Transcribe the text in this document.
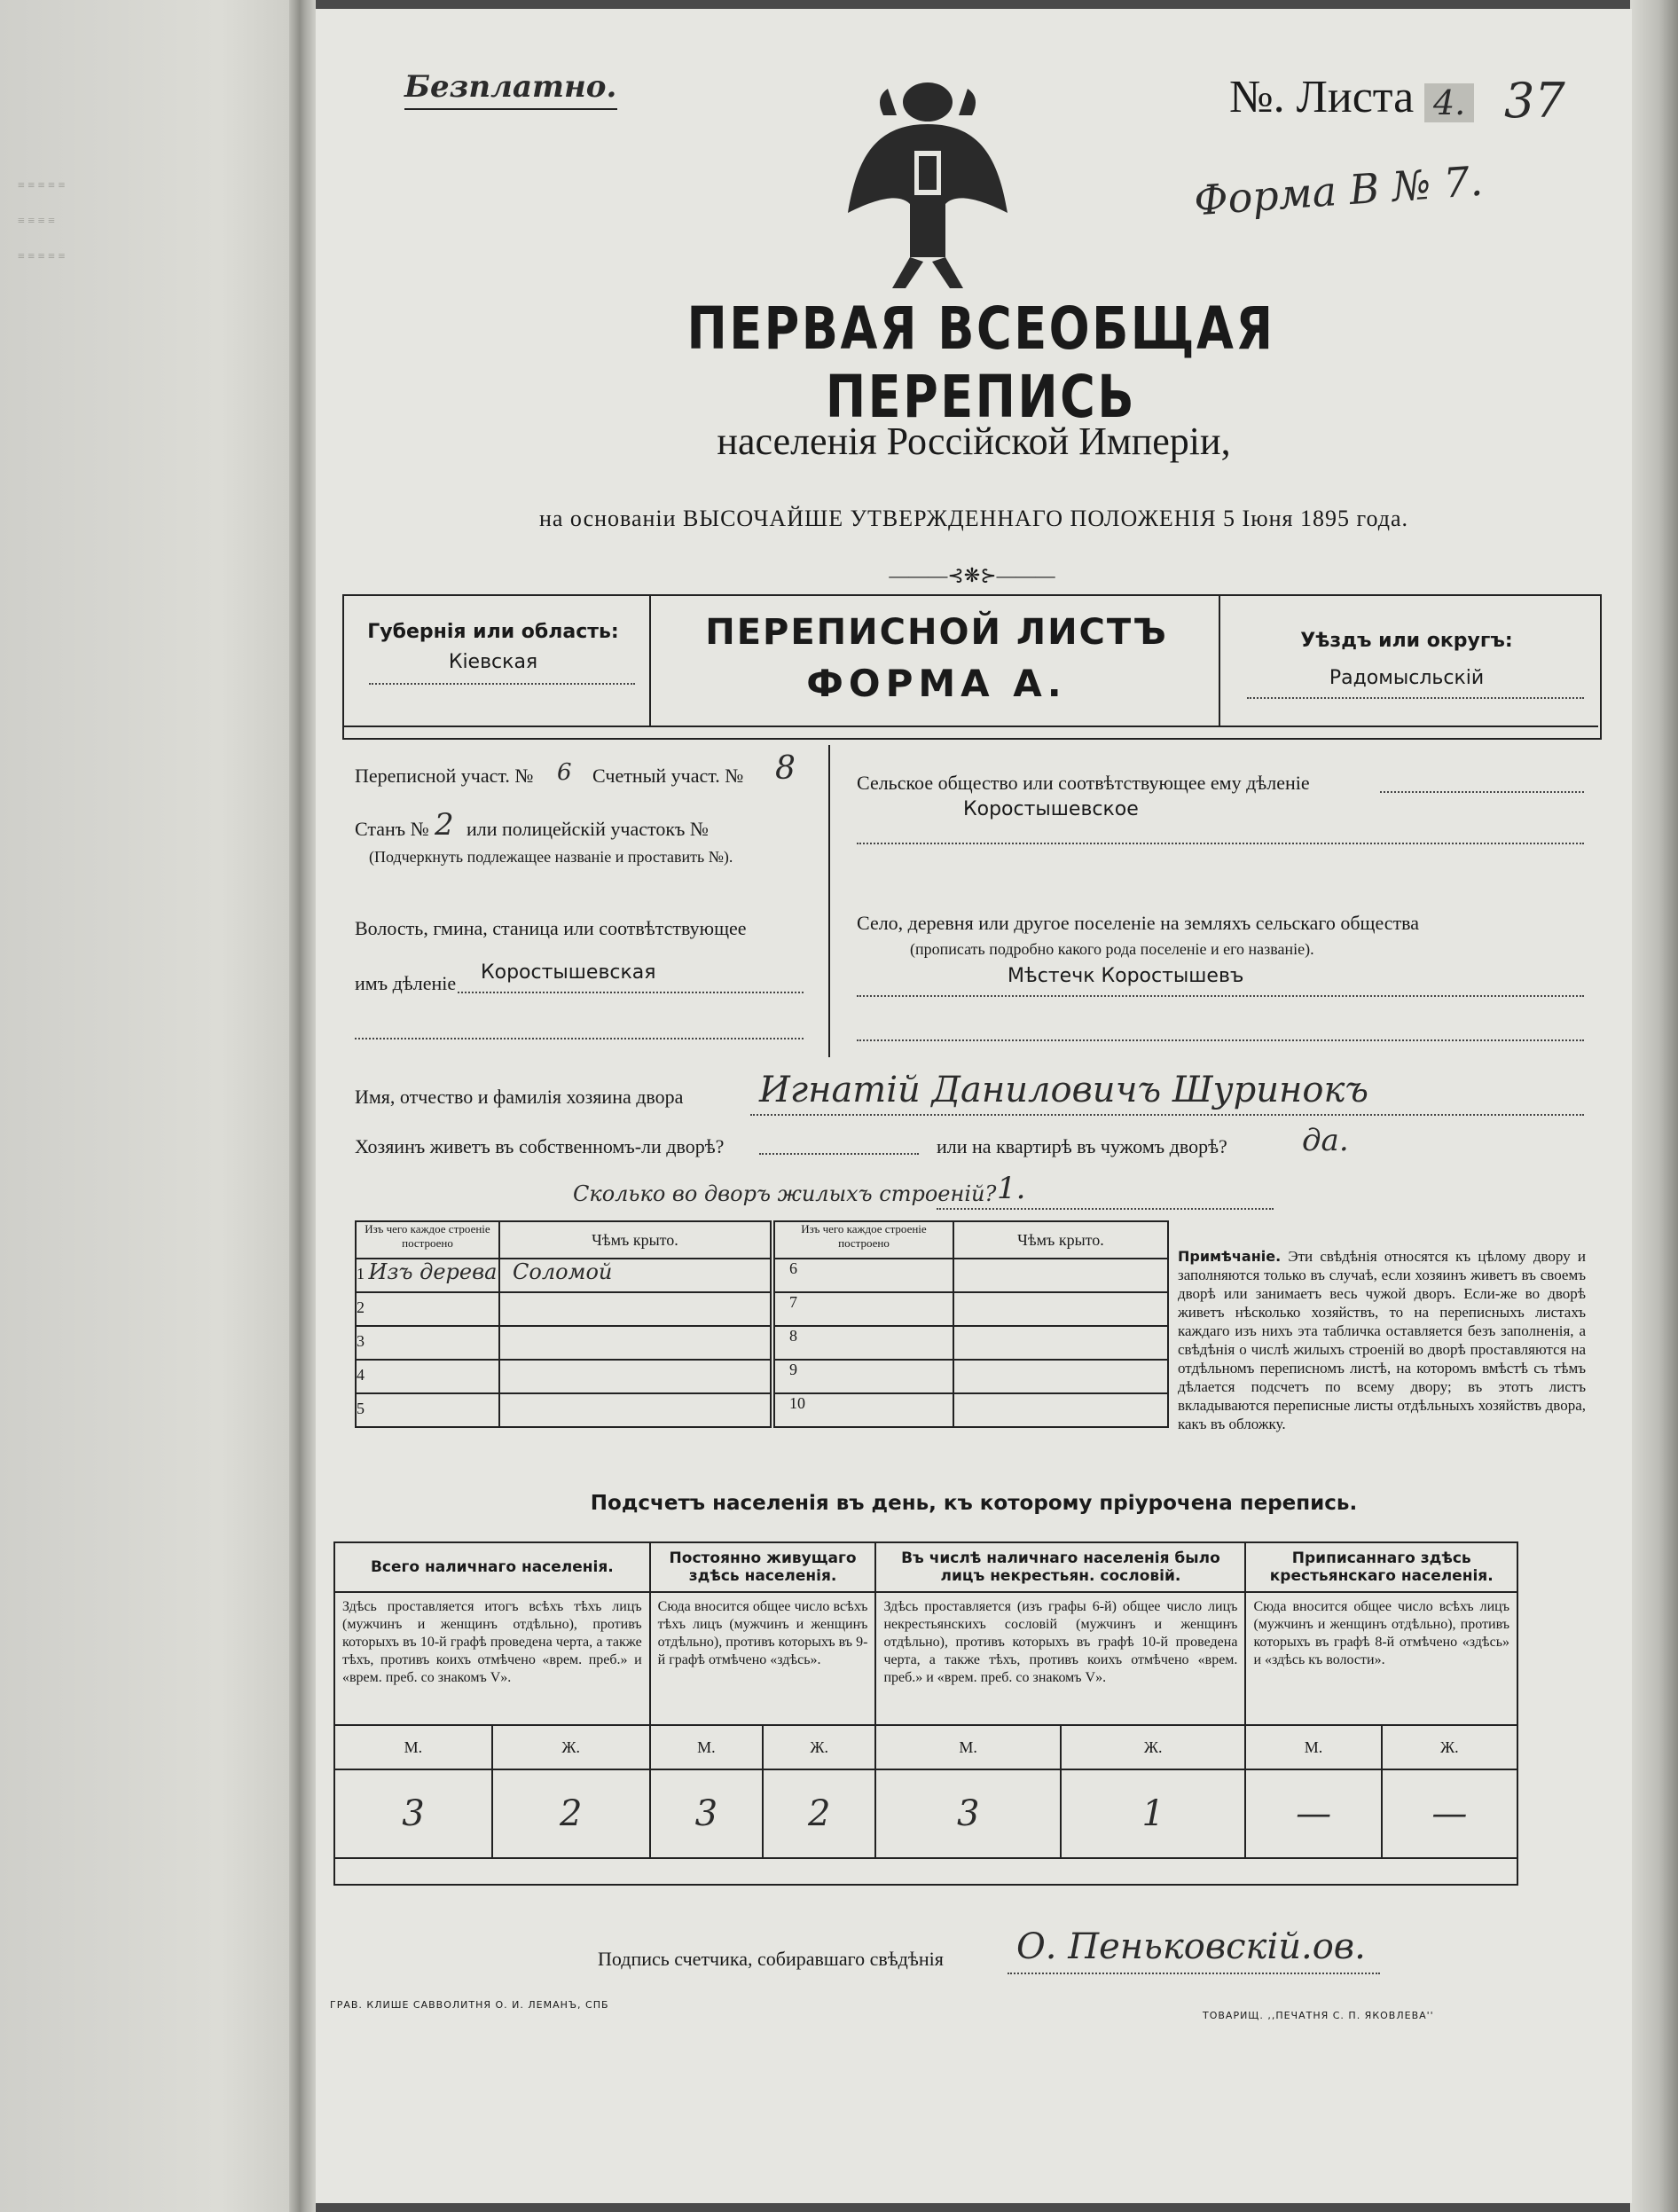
≡ ≡ ≡ ≡ ≡
≡ ≡ ≡ ≡
≡ ≡ ≡ ≡ ≡
Безплатно.	№. Листа 4. 37
Форма В № 7.
ПЕРВАЯ ВСЕОБЩАЯ ПЕРЕПИСЬ
населенія Россійской Имперіи,
на основаніи ВЫСОЧАЙШЕ УТВЕРЖДЕННАГО ПОЛОЖЕНІЯ 5 Іюня 1895 года.
———⊰❋⊱———
Губернія или область:
Кіевская
ПЕРЕПИСНОЙ ЛИСТЪ
ФОРМА А.
Уѣздъ или округъ:
Радомысльскій
Переписной участ. № 6 Счетный участ. № 8
Станъ № 2 или полицейскій участокъ №
(Подчеркнуть подлежащее названіе и проставить №).
Волость, гмина, станица или соотвѣтствующее
имъ дѣленіе Коростышевская
Сельское общество или соотвѣтствующее ему дѣленіе
Коростышевское
Село, деревня или другое поселеніе на земляхъ сельскаго общества
(прописать подробно какого рода поселеніе и его названіе).
Мѣстечк Коростышевъ
Имя, отчество и фамилія хозяина двора Игнатій Даниловичъ Шуринокъ
Хозяинъ живетъ въ собственномъ-ли дворѣ?	или на квартирѣ въ чужомъ дворѣ? да.
Сколько во дворъ жилыхъ строеній? 1.
Изъ чего каждое строеніе построено	Чѣмъ крыто.
1 Изъ дерева	Соломой
2	
3	
4	
5	
Изъ чего каждое строеніе построено	Чѣмъ крыто.
6	
7	
8	
9	
10	
Примѣчаніе. Эти свѣдѣнія относятся къ цѣлому двору и заполняются только въ случаѣ, если хозяинъ живетъ въ своемъ дворѣ или занимаетъ весь чужой дворъ. Если-же во дворѣ живетъ нѣсколько хозяйствъ, то на переписныхъ листахъ каждаго изъ нихъ эта табличка оставляется безъ заполненія, а свѣдѣнія о числѣ жилыхъ строеній во дворѣ проставляются на отдѣльномъ переписномъ листѣ, на которомъ вмѣстѣ съ тѣмъ дѣлается подсчетъ по всему двору; въ этотъ листъ вкладываются переписные листы отдѣльныхъ хозяйствъ двора, какъ въ обложку.
Подсчетъ населенія въ день, къ которому пріурочена перепись.
Всего наличнаго населенія.		Постоянно живущаго здѣсь населенія.		Въ числѣ наличнаго населенія было лицъ некрестьян. сословій.		Приписаннаго здѣсь крестьянскаго населенія.	
Здѣсь проставляется итогъ всѣхъ тѣхъ лицъ (мужчинъ и женщинъ отдѣльно), противъ которыхъ въ 10-й графѣ проведена черта, а также тѣхъ, противъ коихъ отмѣчено «врем. преб.» и «врем. преб. со знакомъ V».		Сюда вносится общее число всѣхъ тѣхъ лицъ (мужчинъ и женщинъ отдѣльно), противъ которыхъ въ 9-й графѣ отмѣчено «здѣсь».		Здѣсь проставляется (изъ графы 6-й) общее число лицъ некрестьянскихъ сословій (мужчинъ и женщинъ отдѣльно), противъ которыхъ въ графѣ 10-й проведена черта, а также тѣхъ, противъ коихъ отмѣчено «врем. преб.» и «врем. преб. со знакомъ V».		Сюда вносится общее число всѣхъ лицъ (мужчинъ и женщинъ отдѣльно), противъ которыхъ въ графѣ 8-й отмѣчено «здѣсь» и «здѣсь къ волости».	
М.	Ж.	М.	Ж.	М.	Ж.	М.	Ж.
3	2	3	2	3	1	—	—

Подпись счетчика, собиравшаго свѣдѣнія О. Пеньковскій.ов.
ГРАВ. КЛИШЕ САВВОЛИТНЯ О. И. ЛЕМАНЪ, СПБ
ТОВАРИЩ. ,,ПЕЧАТНЯ С. П. ЯКОВЛЕВА''
